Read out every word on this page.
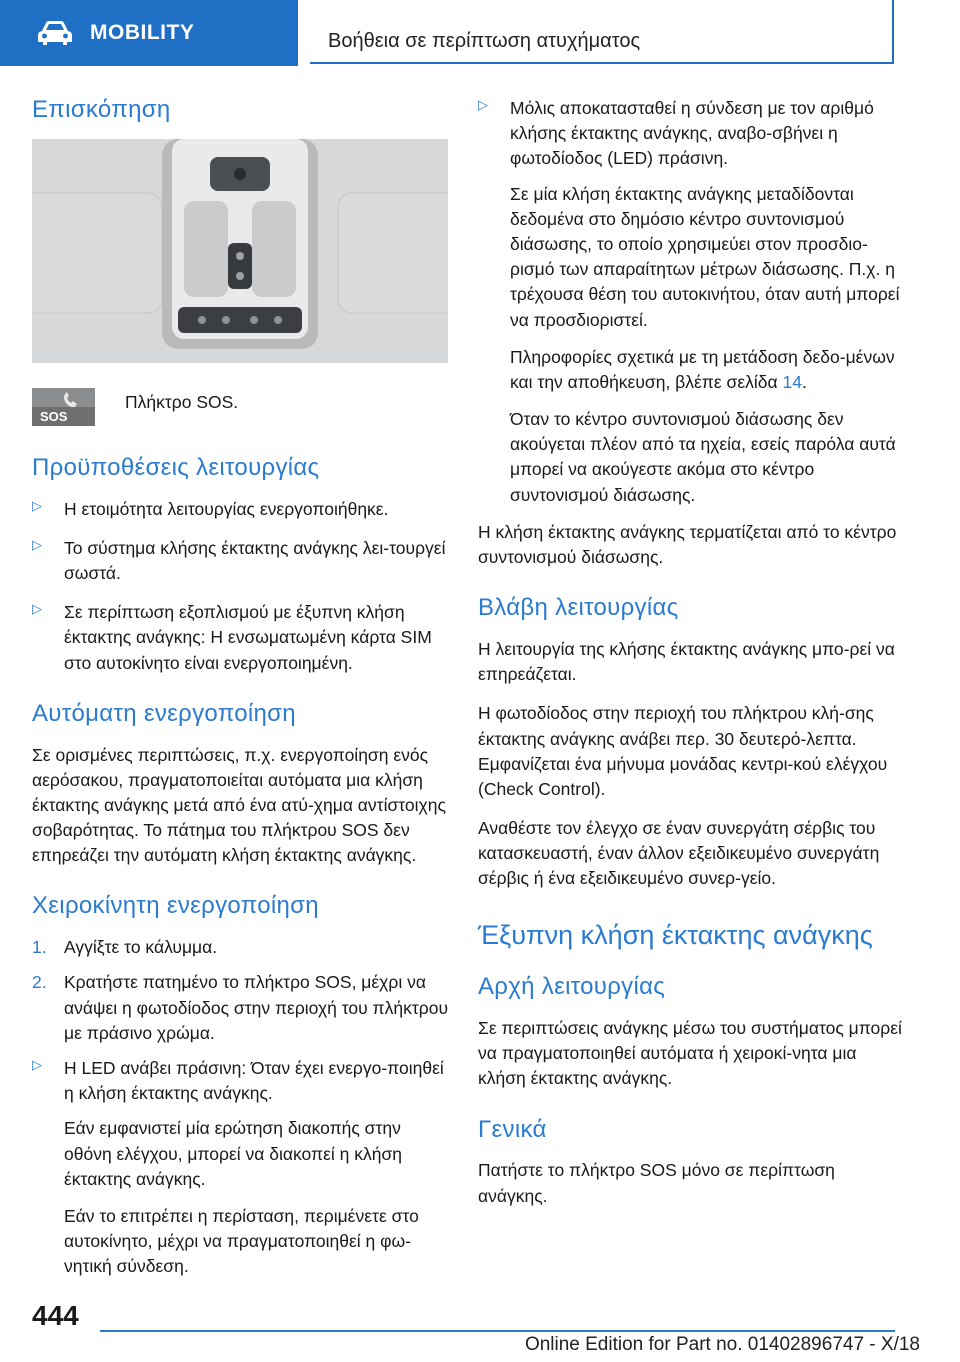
MOBILITY	Βοήθεια σε περίπτωση ατυχήματος
Επισκόπηση
SOS
Πλήκτρο SOS.
Προϋποθέσεις λειτουργίας
▷ Η ετοιμότητα λειτουργίας ενεργοποιήθηκε.
▷ Το σύστημα κλήσης έκτακτης ανάγκης λει-τουργεί σωστά.
▷ Σε περίπτωση εξοπλισμού με έξυπνη κλήση έκτακτης ανάγκης: Η ενσωματωμένη κάρτα SIM στο αυτοκίνητο είναι ενεργοποιημένη.
Αυτόματη ενεργοποίηση

Σε ορισμένες περιπτώσεις, π.χ. ενεργοποίηση ενός αερόσακου, πραγματοποιείται αυτόματα μια κλήση έκτακτης ανάγκης μετά από ένα ατύ-χημα αντίστοιχης σοβαρότητας. Το πάτημα του πλήκτρου SOS δεν επηρεάζει την αυτόματη κλήση έκτακτης ανάγκης.

Χειροκίνητη ενεργοποίηση
1. Αγγίξτε το κάλυμμα.
2. Κρατήστε πατημένο το πλήκτρο SOS, μέχρι να ανάψει η φωτοδίοδος στην περιοχή του πλήκτρου με πράσινο χρώμα.
▷ Η LED ανάβει πράσινη: Όταν έχει ενεργο-ποιηθεί η κλήση έκτακτης ανάγκης.
Εάν εμφανιστεί μία ερώτηση διακοπής στην οθόνη ελέγχου, μπορεί να διακοπεί η κλήση έκτακτης ανάγκης.
Εάν το επιτρέπει η περίσταση, περιμένετε στο αυτοκίνητο, μέχρι να πραγματοποιηθεί η φω-νητική σύνδεση.
▷ Μόλις αποκατασταθεί η σύνδεση με τον αριθμό κλήσης έκτακτης ανάγκης, αναβο-σβήνει η φωτοδίοδος (LED) πράσινη.
Σε μία κλήση έκτακτης ανάγκης μεταδίδονται δεδομένα στο δημόσιο κέντρο συντονισμού διάσωσης, το οποίο χρησιμεύει στον προσδιο-ρισμό των απαραίτητων μέτρων διάσωσης. Π.χ. η τρέχουσα θέση του αυτοκινήτου, όταν αυτή μπορεί να προσδιοριστεί.
Πληροφορίες σχετικά με τη μετάδοση δεδο-μένων και την αποθήκευση, βλέπε σελίδα 14.
Όταν το κέντρο συντονισμού διάσωσης δεν ακούγεται πλέον από τα ηχεία, εσείς παρόλα αυτά μπορεί να ακούγεστε ακόμα στο κέντρο συντονισμού διάσωσης.

Η κλήση έκτακτης ανάγκης τερματίζεται από το κέντρο συντονισμού διάσωσης.

Βλάβη λειτουργίας

Η λειτουργία της κλήσης έκτακτης ανάγκης μπο-ρεί να επηρεάζεται.

Η φωτοδίοδος στην περιοχή του πλήκτρου κλή-σης έκτακτης ανάγκης ανάβει περ. 30 δευτερό-λεπτα. Εμφανίζεται ένα μήνυμα μονάδας κεντρι-κού ελέγχου (Check Control).

Αναθέστε τον έλεγχο σε έναν συνεργάτη σέρβις του κατασκευαστή, έναν άλλον εξειδικευμένο συνεργάτη σέρβις ή ένα εξειδικευμένο συνερ-γείο.

Έξυπνη κλήση έκτακτης ανάγκης
Αρχή λειτουργίας

Σε περιπτώσεις ανάγκης μέσω του συστήματος μπορεί να πραγματοποιηθεί αυτόματα ή χειροκί-νητα μια κλήση έκτακτης ανάγκης.

Γενικά

Πατήστε το πλήκτρο SOS μόνο σε περίπτωση ανάγκης.

444
Online Edition for Part no. 01402896747 - X/18
